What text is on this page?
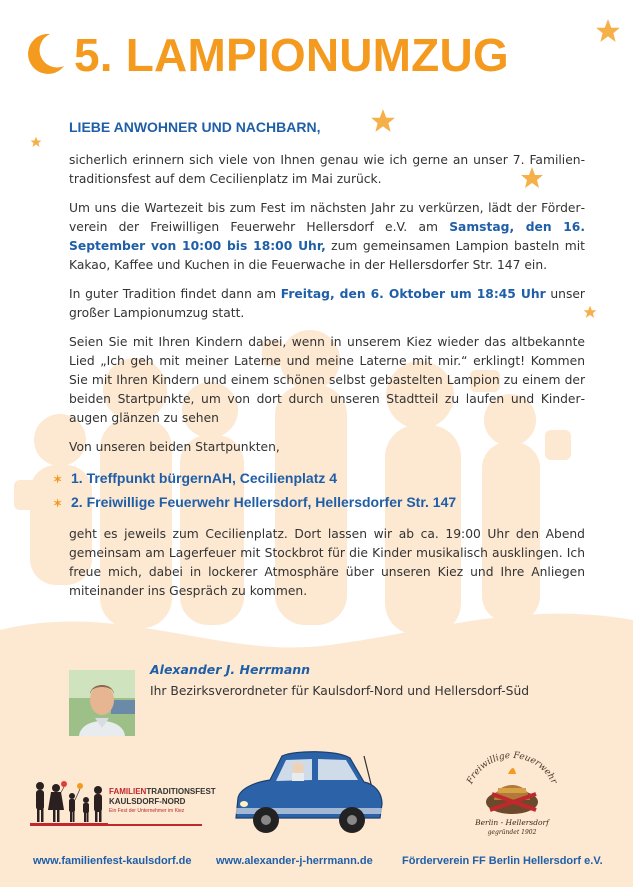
5. LAMPIONUMZUG

LIEBE ANWOHNER UND NACHBARN,

sicherlich erinnern sich viele von Ihnen genau wie ich gerne an unser 7. Familientraditionsfest auf dem Cecilienplatz im Mai zurück.

Um uns die Wartezeit bis zum Fest im nächsten Jahr zu verkürzen, lädt der Förderverein der Freiwilligen Feuerwehr Hellersdorf e.V. am Samstag, den 16. September von 10:00 bis 18:00 Uhr, zum gemeinsamen Lampion basteln mit Kakao, Kaffee und Kuchen in die Feuerwache in der Hellersdorfer Str. 147 ein.

In guter Tradition findet dann am Freitag, den 6. Oktober um 18:45 Uhr unser großer Lampionumzug statt.

Seien Sie mit Ihren Kindern dabei, wenn in unserem Kiez wieder das altbekannte Lied „Ich geh mit meiner Laterne und meine Laterne mit mir.“ erklingt! Kommen Sie mit Ihren Kindern und einem schönen selbst gebastelten Lampion zu einem der beiden Startpunkte, um von dort durch unseren Stadtteil zu laufen und Kinderaugen glänzen zu sehen

Von unseren beiden Startpunkten,

✶ 1. Treffpunkt bürgernAH, Cecilienplatz 4
✶ 2. Freiwillige Feuerwehr Hellersdorf, Hellersdorfer Str. 147

geht es jeweils zum Cecilienplatz. Dort lassen wir ab ca. 19:00 Uhr den Abend gemeinsam am Lagerfeuer mit Stockbrot für die Kinder musikalisch ausklingen. Ich freue mich, dabei in lockerer Atmosphäre über unseren Kiez und Ihre Anliegen miteinander ins Gespräch zu kommen.

Alexander J. Herrmann
Ihr Bezirksverordneter für Kaulsdorf-Nord und Hellersdorf-Süd
FAMILIENTRADITIONSFEST
KAULSDORF-NORD
Ein Fest der Unternehmer im Kiez
Freiwillige Feuerwehr
Berlin - Hellersdorf
gegründet 1902
www.familienfest-kaulsdorf.de www.alexander-j-herrmann.de	Förderverein FF Berlin Hellersdorf e.V.
